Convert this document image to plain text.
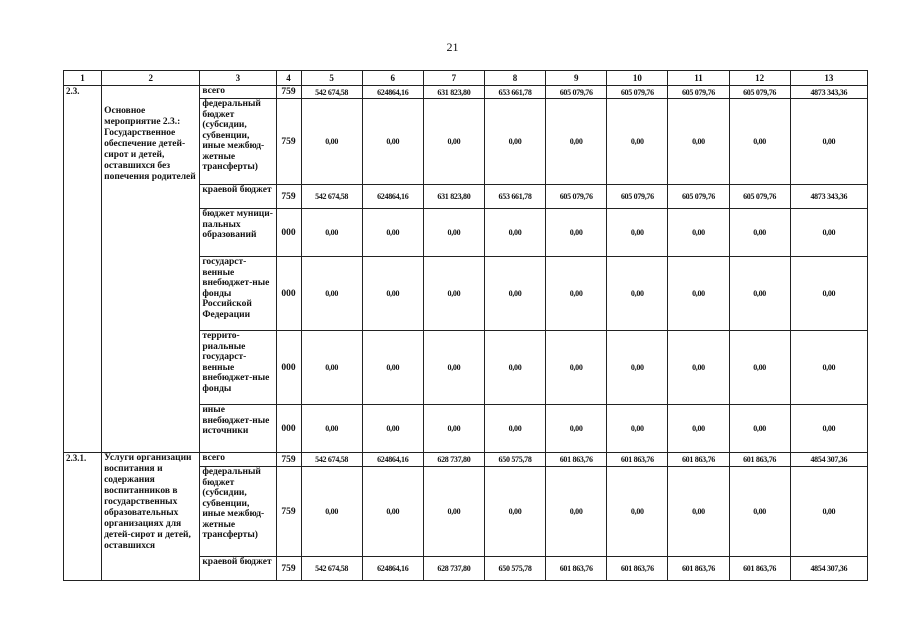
21
1	2	3	4	5	6	7	8	9	10	11	12	13
2.3.	Основное мероприятие 2.3.: Государственное обеспечение детей-сирот и детей, оставшихся без попечения родителей	всего	759	542 674,58	624864,16	631 823,80	653 661,78	605 079,76	605 079,76	605 079,76	605 079,76	4873 343,36
		федеральный бюджет (субсидии, субвенции, иные межбюд-жетные трансферты)	759	0,00	0,00	0,00	0,00	0,00	0,00	0,00	0,00	0,00
		краевой бюджет	759	542 674,58	624864,16	631 823,80	653 661,78	605 079,76	605 079,76	605 079,76	605 079,76	4873 343,36
		бюджет муници-пальных образований	000	0,00	0,00	0,00	0,00	0,00	0,00	0,00	0,00	0,00
		государст-венные внебюджет-ные фонды Российской Федерации	000	0,00	0,00	0,00	0,00	0,00	0,00	0,00	0,00	0,00
		террито-риальные государст-венные внебюджет-ные фонды	000	0,00	0,00	0,00	0,00	0,00	0,00	0,00	0,00	0,00
		иные внебюджет-ные источники	000	0,00	0,00	0,00	0,00	0,00	0,00	0,00	0,00	0,00
2.3.1.	Услуги организации воспитания и содержания воспитанников в государственных образовательных организациях для детей-сирот и детей, оставшихся	всего	759	542 674,58	624864,16	628 737,80	650 575,78	601 863,76	601 863,76	601 863,76	601 863,76	4854 307,36
		федеральный бюджет (субсидии, субвенции, иные межбюд-жетные трансферты)	759	0,00	0,00	0,00	0,00	0,00	0,00	0,00	0,00	0,00
		краевой бюджет	759	542 674,58	624864,16	628 737,80	650 575,78	601 863,76	601 863,76	601 863,76	601 863,76	4854 307,36
